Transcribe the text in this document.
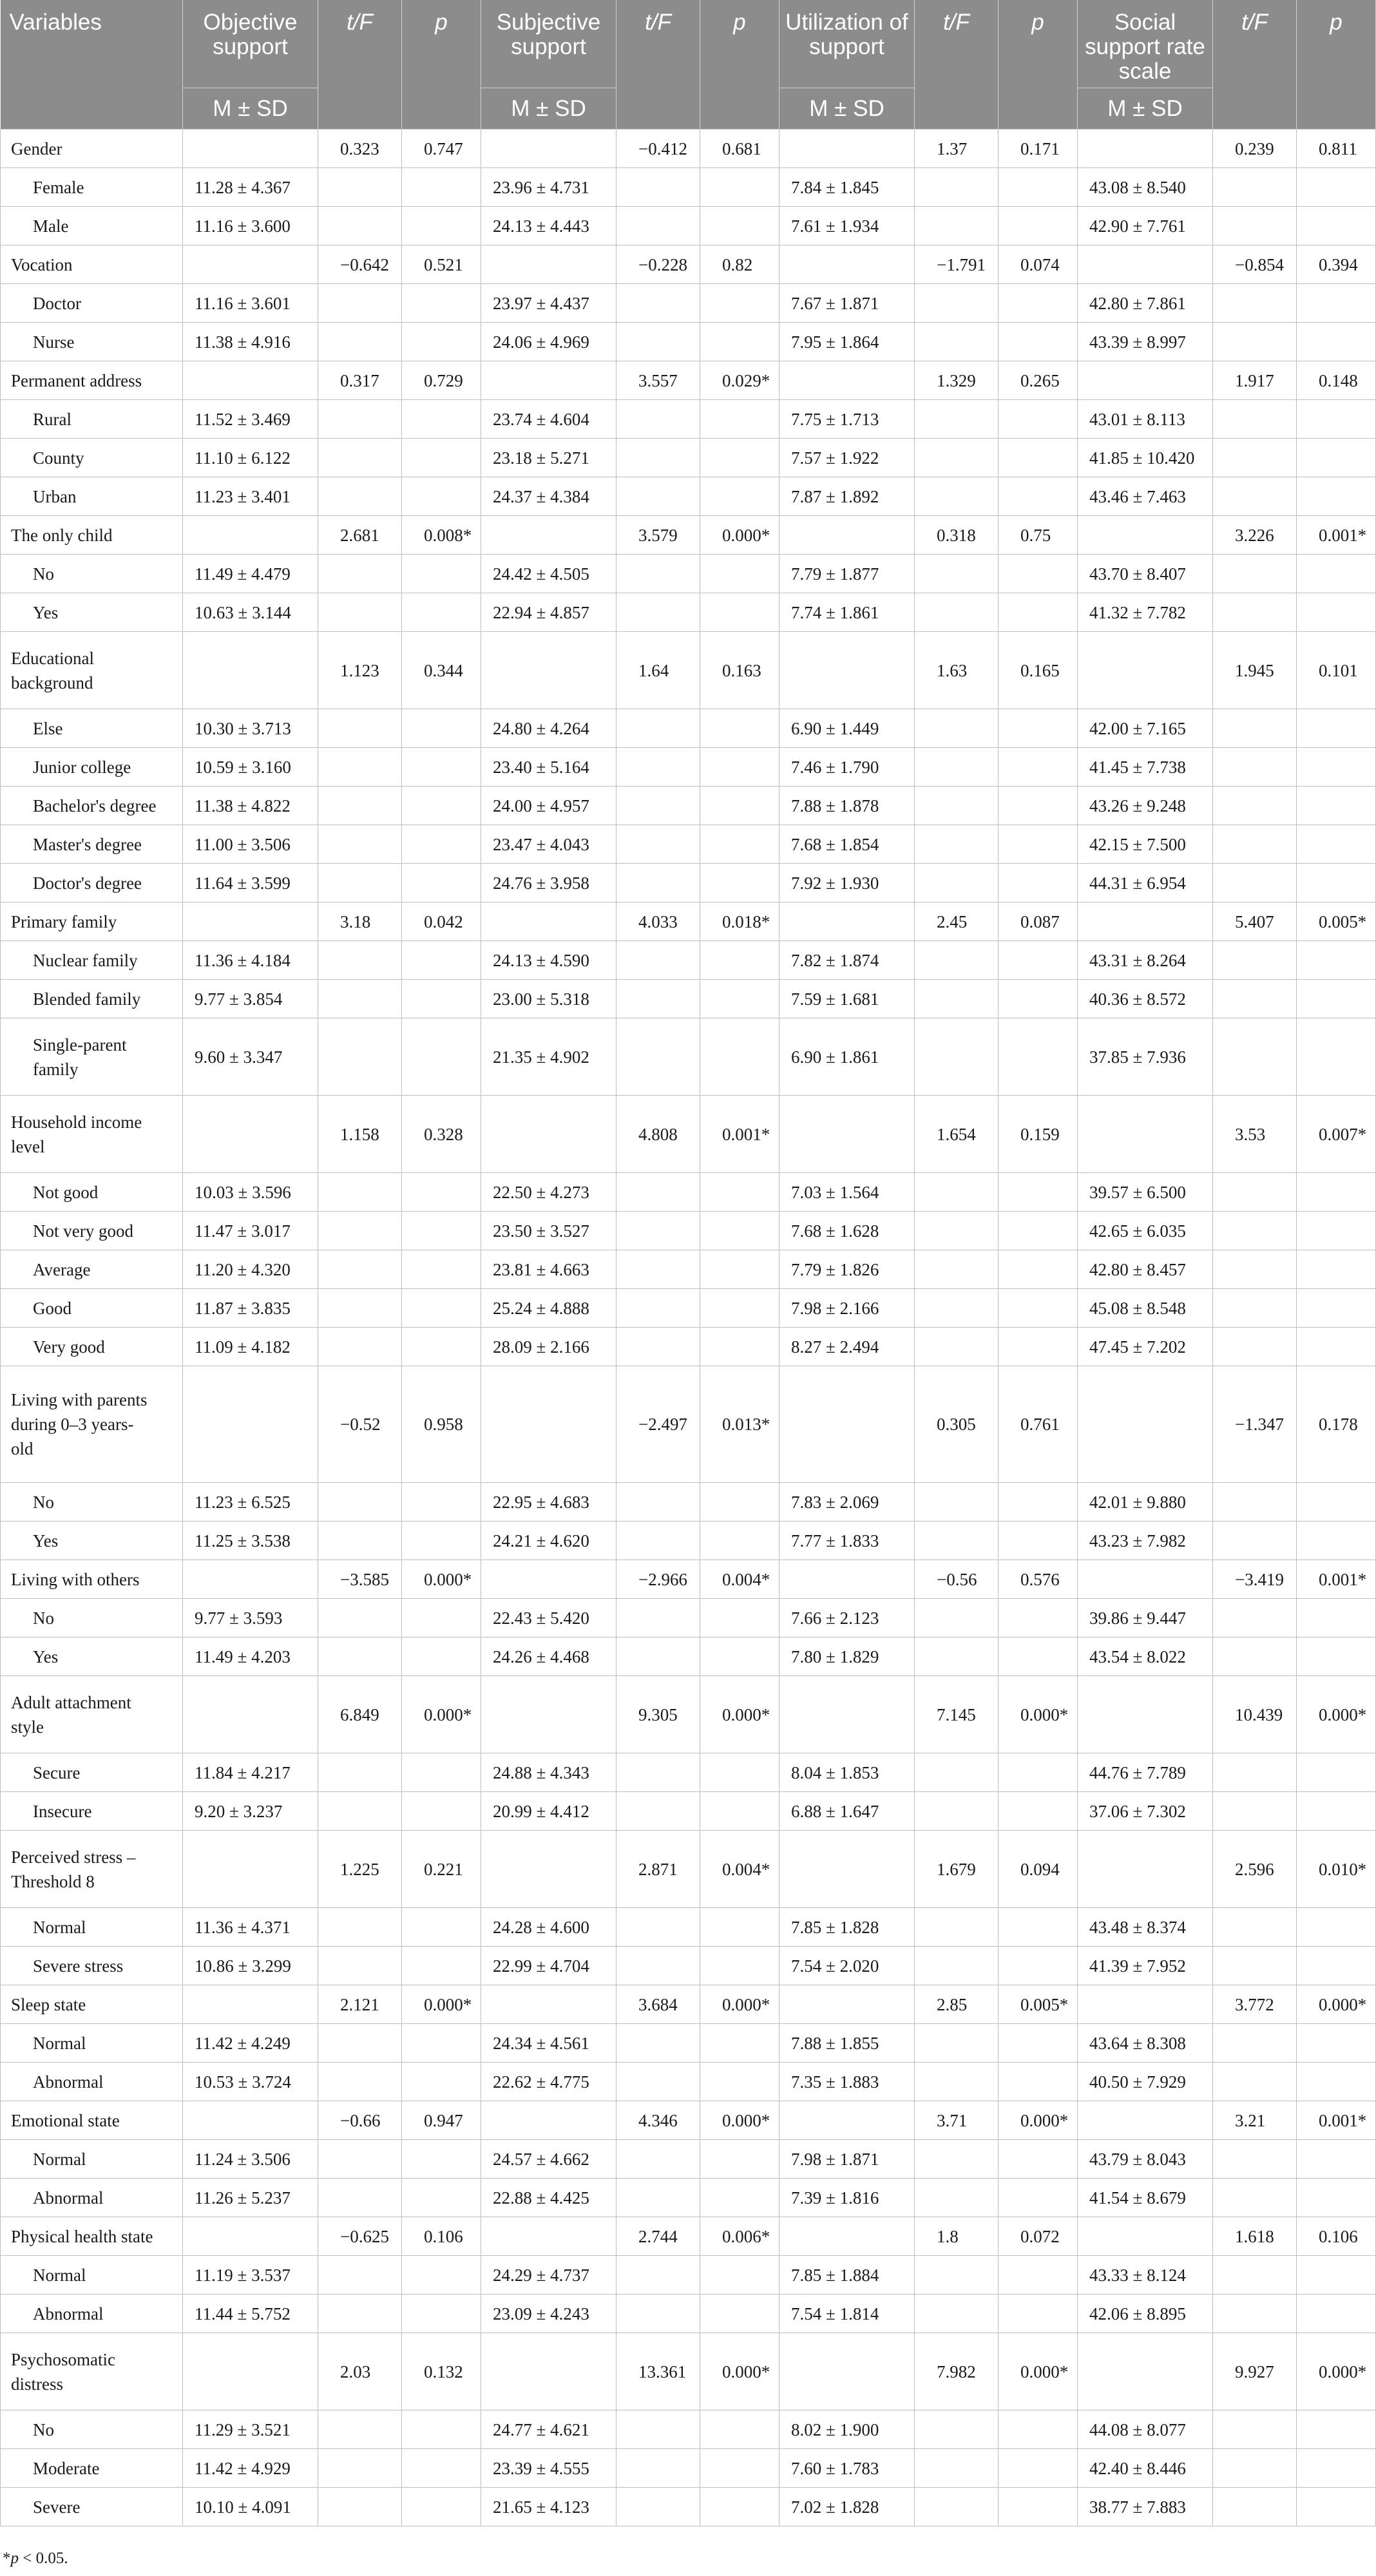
Variables	Objective support	t/F	p	Subjective support	t/F	p	Utilization of support	t/F	p	Social support rate scale	t/F	p
	M ± SD			M ± SD			M ± SD			M ± SD		
Gender		0.323	0.747		−0.412	0.681		1.37	0.171		0.239	0.811
Female	11.28 ± 4.367			23.96 ± 4.731			7.84 ± 1.845			43.08 ± 8.540		
Male	11.16 ± 3.600			24.13 ± 4.443			7.61 ± 1.934			42.90 ± 7.761		
Vocation		−0.642	0.521		−0.228	0.82		−1.791	0.074		−0.854	0.394
Doctor	11.16 ± 3.601			23.97 ± 4.437			7.67 ± 1.871			42.80 ± 7.861		
Nurse	11.38 ± 4.916			24.06 ± 4.969			7.95 ± 1.864			43.39 ± 8.997		
Permanent address		0.317	0.729		3.557	0.029*		1.329	0.265		1.917	0.148
Rural	11.52 ± 3.469			23.74 ± 4.604			7.75 ± 1.713			43.01 ± 8.113		
County	11.10 ± 6.122			23.18 ± 5.271			7.57 ± 1.922			41.85 ± 10.420		
Urban	11.23 ± 3.401			24.37 ± 4.384			7.87 ± 1.892			43.46 ± 7.463		
The only child		2.681	0.008*		3.579	0.000*		0.318	0.75		3.226	0.001*
No	11.49 ± 4.479			24.42 ± 4.505			7.79 ± 1.877			43.70 ± 8.407		
Yes	10.63 ± 3.144			22.94 ± 4.857			7.74 ± 1.861			41.32 ± 7.782		
Educational
background		1.123	0.344		1.64	0.163		1.63	0.165		1.945	0.101
Else	10.30 ± 3.713			24.80 ± 4.264			6.90 ± 1.449			42.00 ± 7.165		
Junior college	10.59 ± 3.160			23.40 ± 5.164			7.46 ± 1.790			41.45 ± 7.738		
Bachelor's degree	11.38 ± 4.822			24.00 ± 4.957			7.88 ± 1.878			43.26 ± 9.248		
Master's degree	11.00 ± 3.506			23.47 ± 4.043			7.68 ± 1.854			42.15 ± 7.500		
Doctor's degree	11.64 ± 3.599			24.76 ± 3.958			7.92 ± 1.930			44.31 ± 6.954		
Primary family		3.18	0.042		4.033	0.018*		2.45	0.087		5.407	0.005*
Nuclear family	11.36 ± 4.184			24.13 ± 4.590			7.82 ± 1.874			43.31 ± 8.264		
Blended family	9.77 ± 3.854			23.00 ± 5.318			7.59 ± 1.681			40.36 ± 8.572		
Single-parent
family	9.60 ± 3.347			21.35 ± 4.902			6.90 ± 1.861			37.85 ± 7.936		
Household income
level		1.158	0.328		4.808	0.001*		1.654	0.159		3.53	0.007*
Not good	10.03 ± 3.596			22.50 ± 4.273			7.03 ± 1.564			39.57 ± 6.500		
Not very good	11.47 ± 3.017			23.50 ± 3.527			7.68 ± 1.628			42.65 ± 6.035		
Average	11.20 ± 4.320			23.81 ± 4.663			7.79 ± 1.826			42.80 ± 8.457		
Good	11.87 ± 3.835			25.24 ± 4.888			7.98 ± 2.166			45.08 ± 8.548		
Very good	11.09 ± 4.182			28.09 ± 2.166			8.27 ± 2.494			47.45 ± 7.202		
Living with parents
during 0–3 years-
old		−0.52	0.958		−2.497	0.013*		0.305	0.761		−1.347	0.178
No	11.23 ± 6.525			22.95 ± 4.683			7.83 ± 2.069			42.01 ± 9.880		
Yes	11.25 ± 3.538			24.21 ± 4.620			7.77 ± 1.833			43.23 ± 7.982		
Living with others		−3.585	0.000*		−2.966	0.004*		−0.56	0.576		−3.419	0.001*
No	9.77 ± 3.593			22.43 ± 5.420			7.66 ± 2.123			39.86 ± 9.447		
Yes	11.49 ± 4.203			24.26 ± 4.468			7.80 ± 1.829			43.54 ± 8.022		
Adult attachment
style		6.849	0.000*		9.305	0.000*		7.145	0.000*		10.439	0.000*
Secure	11.84 ± 4.217			24.88 ± 4.343			8.04 ± 1.853			44.76 ± 7.789		
Insecure	9.20 ± 3.237			20.99 ± 4.412			6.88 ± 1.647			37.06 ± 7.302		
Perceived stress –
Threshold 8		1.225	0.221		2.871	0.004*		1.679	0.094		2.596	0.010*
Normal	11.36 ± 4.371			24.28 ± 4.600			7.85 ± 1.828			43.48 ± 8.374		
Severe stress	10.86 ± 3.299			22.99 ± 4.704			7.54 ± 2.020			41.39 ± 7.952		
Sleep state		2.121	0.000*		3.684	0.000*		2.85	0.005*		3.772	0.000*
Normal	11.42 ± 4.249			24.34 ± 4.561			7.88 ± 1.855			43.64 ± 8.308		
Abnormal	10.53 ± 3.724			22.62 ± 4.775			7.35 ± 1.883			40.50 ± 7.929		
Emotional state		−0.66	0.947		4.346	0.000*		3.71	0.000*		3.21	0.001*
Normal	11.24 ± 3.506			24.57 ± 4.662			7.98 ± 1.871			43.79 ± 8.043		
Abnormal	11.26 ± 5.237			22.88 ± 4.425			7.39 ± 1.816			41.54 ± 8.679		
Physical health state		−0.625	0.106		2.744	0.006*		1.8	0.072		1.618	0.106
Normal	11.19 ± 3.537			24.29 ± 4.737			7.85 ± 1.884			43.33 ± 8.124		
Abnormal	11.44 ± 5.752			23.09 ± 4.243			7.54 ± 1.814			42.06 ± 8.895		
Psychosomatic
distress		2.03	0.132		13.361	0.000*		7.982	0.000*		9.927	0.000*
No	11.29 ± 3.521			24.77 ± 4.621			8.02 ± 1.900			44.08 ± 8.077		
Moderate	11.42 ± 4.929			23.39 ± 4.555			7.60 ± 1.783			42.40 ± 8.446		
Severe	10.10 ± 4.091			21.65 ± 4.123			7.02 ± 1.828			38.77 ± 7.883		
*p < 0.05.
